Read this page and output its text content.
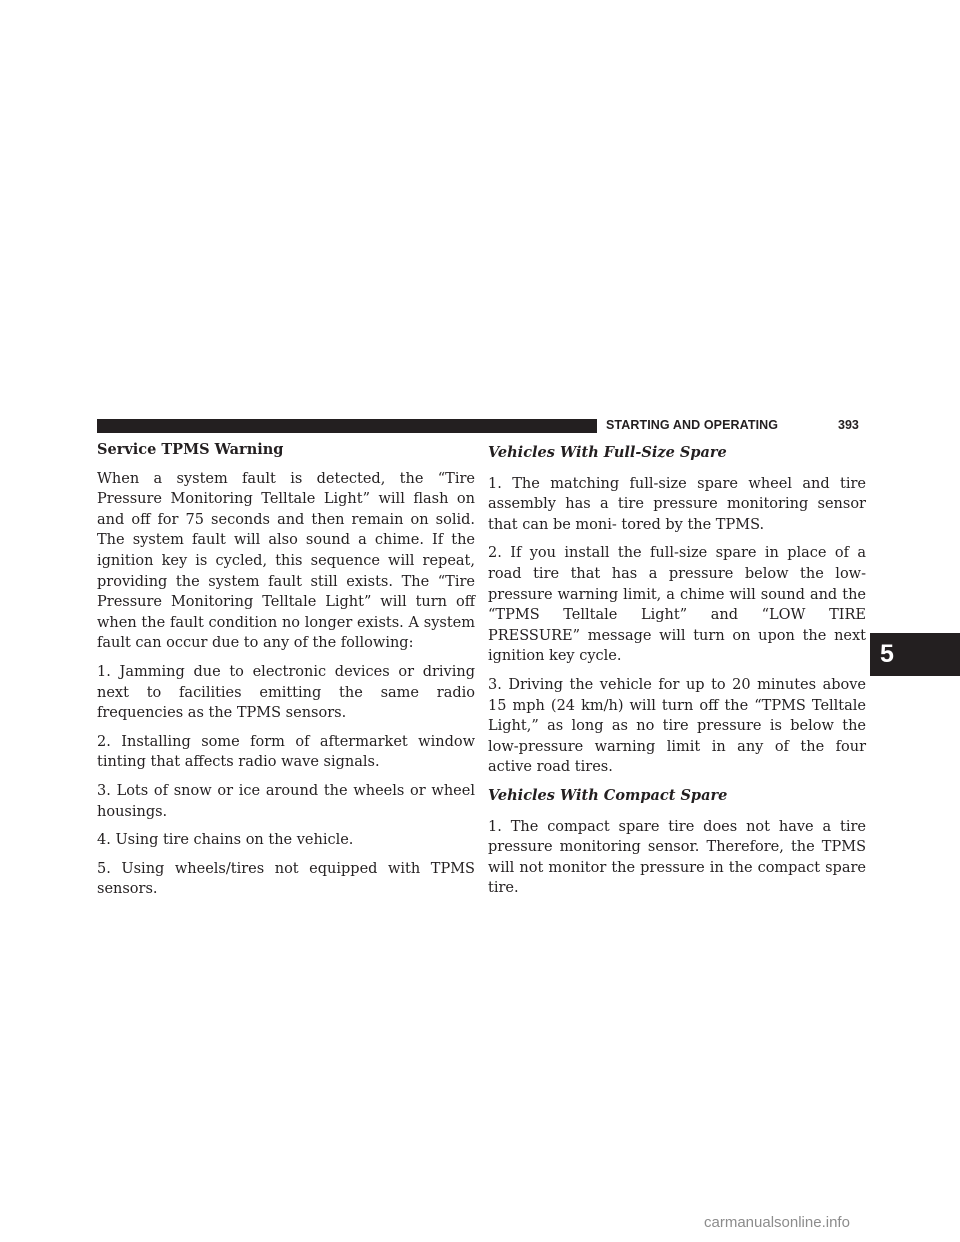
STARTING AND OPERATING	393
5

Service TPMS Warning

When a system fault is detected, the “Tire Pressure Monitoring Telltale Light” will flash on and off for 75 seconds and then remain on solid. The system fault will also sound a chime. If the ignition key is cycled, this sequence will repeat, providing the system fault still exists. The “Tire Pressure Monitoring Telltale Light” will turn off when the fault condition no longer exists. A system fault can occur due to any of the following:

1. Jamming due to electronic devices or driving next to facilities emitting the same radio frequencies as the TPMS sensors.

2. Installing some form of aftermarket window tinting that affects radio wave signals.

3. Lots of snow or ice around the wheels or wheel housings.

4. Using tire chains on the vehicle.

5. Using wheels/tires not equipped with TPMS sensors.

Vehicles With Full-Size Spare

1. The matching full-size spare wheel and tire assembly has a tire pressure monitoring sensor that can be moni- tored by the TPMS.

2. If you install the full-size spare in place of a road tire that has a pressure below the low-pressure warning limit, a chime will sound and the “TPMS Telltale Light” and “LOW TIRE PRESSURE” message will turn on upon the next ignition key cycle.

3. Driving the vehicle for up to 20 minutes above 15 mph (24 km/h) will turn off the “TPMS Telltale Light,” as long as no tire pressure is below the low-pressure warning limit in any of the four active road tires.

Vehicles With Compact Spare

1. The compact spare tire does not have a tire pressure monitoring sensor. Therefore, the TPMS will not monitor the pressure in the compact spare tire.

carmanualsonline.info
